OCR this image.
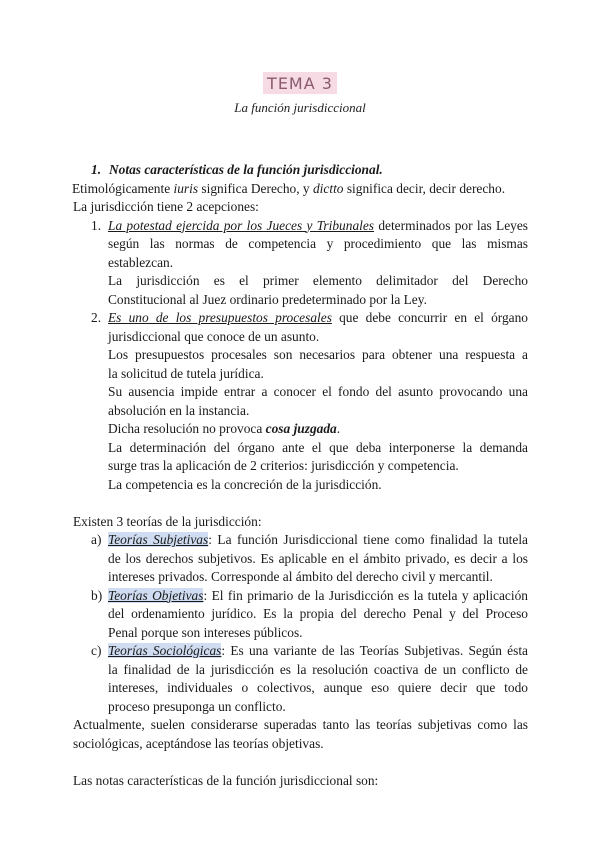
TEMA 3
La función jurisdiccional
1. Notas características de la función jurisdiccional.
Etimológicamente iuris significa Derecho, y dictto significa decir, decir derecho.
La jurisdicción tiene 2 acepciones:
1. La potestad ejercida por los Jueces y Tribunales determinados por las Leyes
según las normas de competencia y procedimiento que las mismas
establezcan.
La jurisdicción es el primer elemento delimitador del Derecho
Constitucional al Juez ordinario predeterminado por la Ley.
2. Es uno de los presupuestos procesales que debe concurrir en el órgano
jurisdiccional que conoce de un asunto.
Los presupuestos procesales son necesarios para obtener una respuesta a
la solicitud de tutela jurídica.
Su ausencia impide entrar a conocer el fondo del asunto provocando una
absolución en la instancia.
Dicha resolución no provoca cosa juzgada.
La determinación del órgano ante el que deba interponerse la demanda
surge tras la aplicación de 2 criterios: jurisdicción y competencia.
La competencia es la concreción de la jurisdicción.
Existen 3 teorías de la jurisdicción:
a) Teorías Subjetivas: La función Jurisdiccional tiene como finalidad la tutela
de los derechos subjetivos. Es aplicable en el ámbito privado, es decir a los
intereses privados. Corresponde al ámbito del derecho civil y mercantil.
b) Teorías Objetivas: El fin primario de la Jurisdicción es la tutela y aplicación
del ordenamiento jurídico. Es la propia del derecho Penal y del Proceso
Penal porque son intereses públicos.
c) Teorías Sociológicas: Es una variante de las Teorías Subjetivas. Según ésta
la finalidad de la jurisdicción es la resolución coactiva de un conflicto de
intereses, individuales o colectivos, aunque eso quiere decir que todo
proceso presuponga un conflicto.
Actualmente, suelen considerarse superadas tanto las teorías subjetivas como las
sociológicas, aceptándose las teorías objetivas.
Las notas características de la función jurisdiccional son:
